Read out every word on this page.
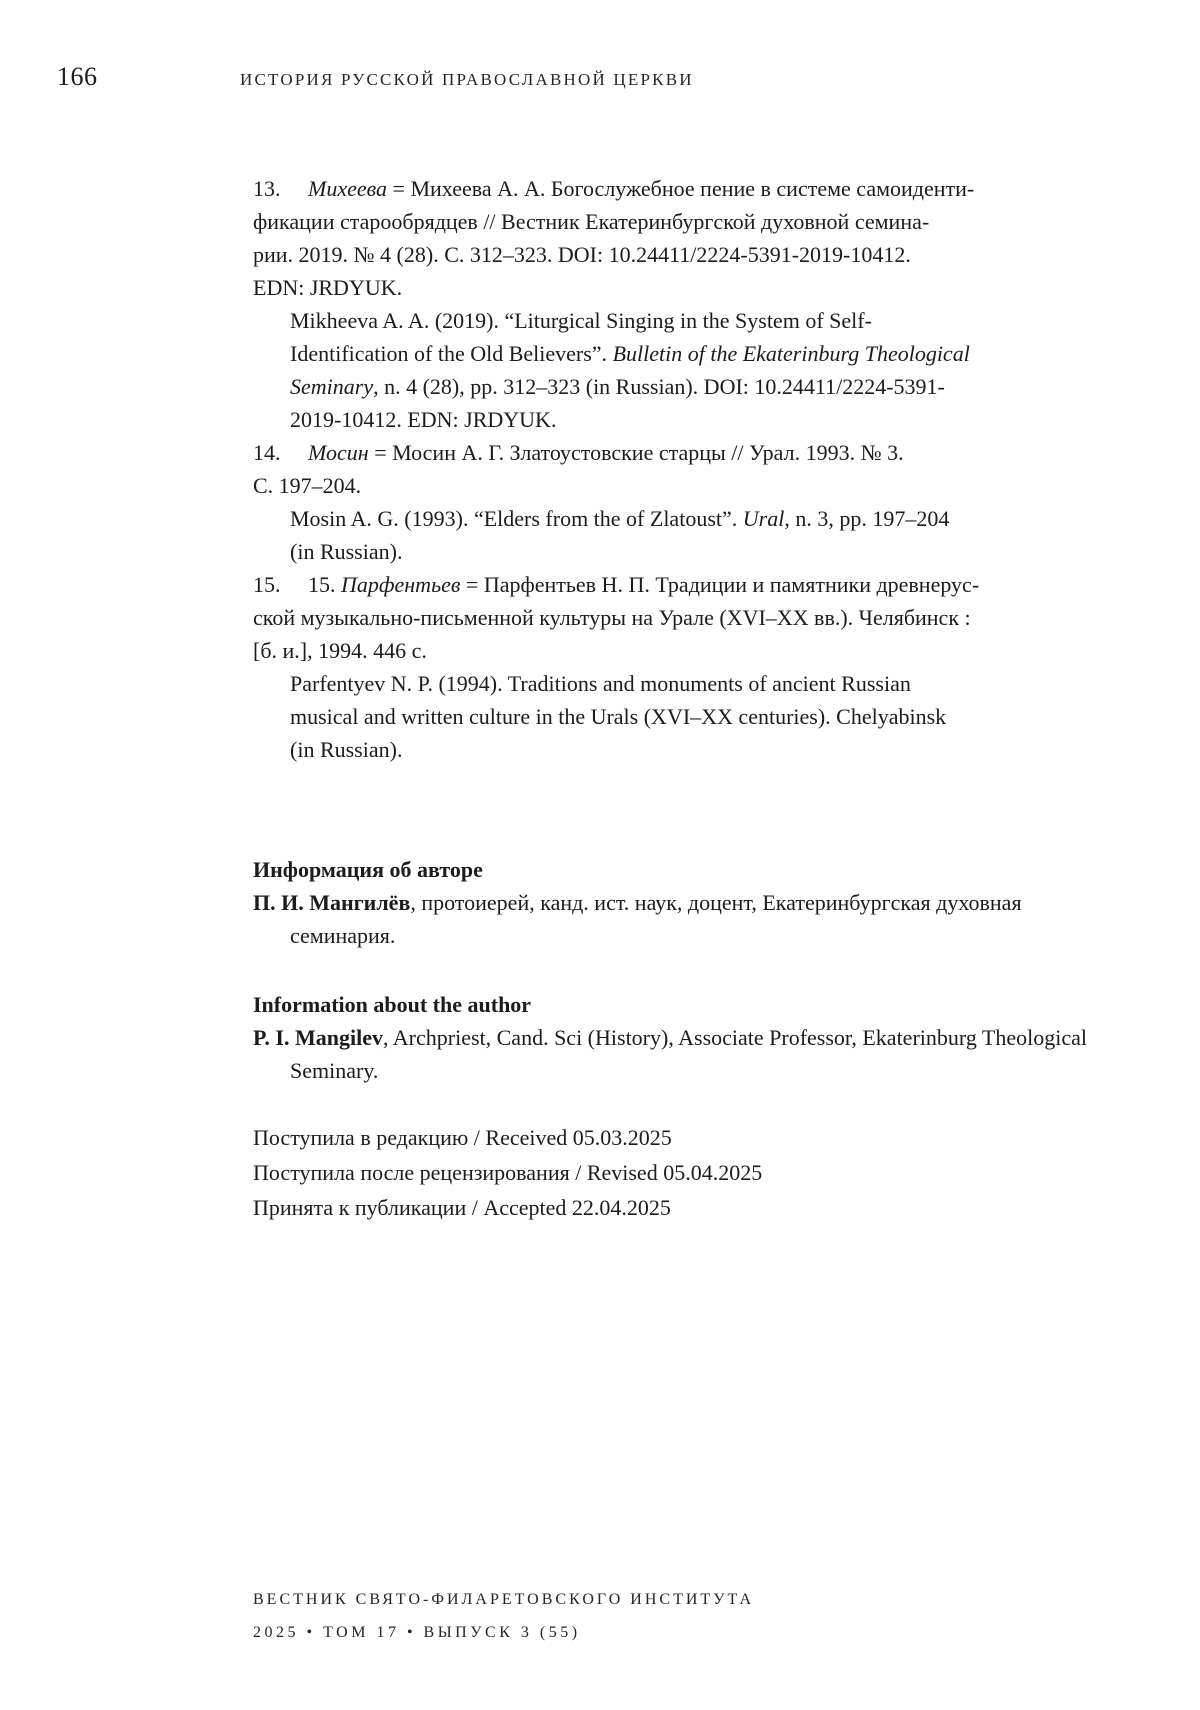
166	ИСТОРИЯ РУССКОЙ ПРАВОСЛАВНОЙ ЦЕРКВИ
13. Михеева = Михеева А. А. Богослужебное пение в системе самоиденти-
фикации старообрядцев // Вестник Екатеринбургской духовной семина-
рии. 2019. № 4 (28). С. 312–323. DOI: 10.24411/2224-5391-2019-10412.
EDN: JRDYUK.
Mikheeva A. A. (2019). “Liturgical Singing in the System of Self-
Identification of the Old Believers”. Bulletin of the Ekaterinburg Theological
Seminary, n. 4 (28), pp. 312–323 (in Russian). DOI: 10.24411/2224-5391-
2019-10412. EDN: JRDYUK.
14. Мосин = Мосин А. Г. Златоустовские старцы // Урал. 1993. № 3.
С. 197–204.
Mosin A. G. (1993). “Elders from the of Zlatoust”. Ural, n. 3, pp. 197–204
(in Russian).
15. 15. Парфентьев = Парфентьев Н. П. Традиции и памятники древнерус-
ской музыкально-письменной культуры на Урале (XVI–XX вв.). Челябинск :
[б. и.], 1994. 446 с.
Parfentyev N. P. (1994). Traditions and monuments of ancient Russian
musical and written culture in the Urals (XVI–XX centuries). Chelyabinsk
(in Russian).
Информация об авторе
П. И. Мангилёв, протоиерей, канд. ист. наук, доцент, Екатеринбургская духовная
семинария.
Information about the author
P. I. Mangilev, Archpriest, Cand. Sci (History), Associate Professor, Ekaterinburg Theological
Seminary.
Поступила в редакцию / Received 05.03.2025
Поступила после рецензирования / Revised 05.04.2025
Принята к публикации / Accepted 22.04.2025
ВЕСТНИК СВЯТО-ФИЛАРЕТОВСКОГО ИНСТИТУТА
2025 • ТОМ 17 • ВЫПУСК 3 (55)
